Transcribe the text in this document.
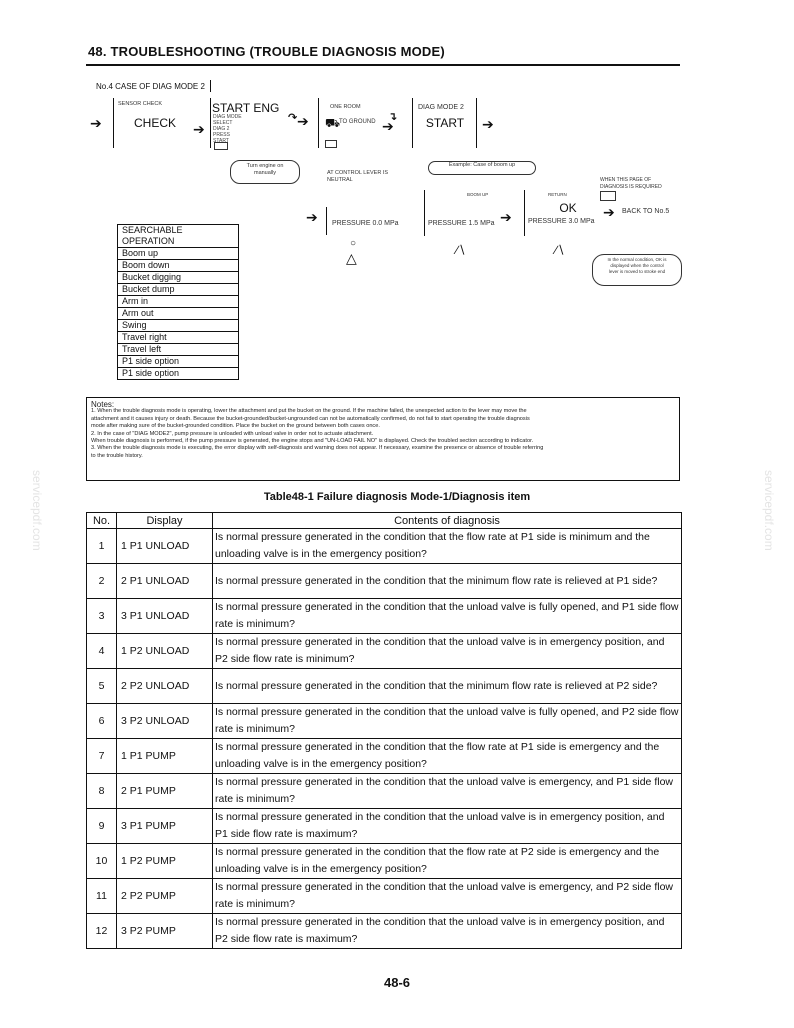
48. TROUBLESHOOTING (TROUBLE DIAGNOSIS MODE)
No.4 CASE OF DIAG MODE 2
➔
SENSOR CHECK
CHECK	➔
START ENG
DIAG MODE
SELECT
DIAG 2
PRESS
START
↷ ➔
ONE ROOM
⛟
TO GROUND ↴
➔
DIAG MODE 2
START	➔
Turn engine on
manually	AT CONTROL LEVER IS
NEUTRAL
Example: Case of boom up
BOOM UP	RETURN
OK
WHEN THIS PAGE OF
DIAGNOSIS IS REQUIRED
➔ BACK TO No.5
➔ PRESSURE 0.0 MPa	PRESSURE 1.5 MPa ➔ PRESSURE 3.0 MPa
○
△	∕∖	∕∖
In the normal condition, OK is
displayed when the control
lever is moved to stroke end
SEARCHABLE OPERATION
Boom up
Boom down
Bucket digging
Bucket dump
Arm in
Arm out
Swing
Travel right
Travel left
P1 side option
P1 side option
Notes:
1. When the trouble diagnosis mode is operating, lower the attachment and put the bucket on the ground. If the machine failed, the unexpected action to the lever may move the
attachment and it causes injury or death. Because the bucket-grounded/bucket-ungrounded can not be automatically confirmed, do not fail to start operating the trouble diagnosis
mode after making sure of the bucket-grounded condition. Place the bucket on the ground between both cases once.
2. In the case of "DIAG MODE2", pump pressure is unloaded with unload valve in order not to actuate attachment.
When trouble diagnosis is performed, if the pump pressure is generated, the engine stops and "UN-LOAD FAIL NO" is displayed. Check the troubled section according to indicator.
3. When the trouble diagnosis mode is executing, the error display with self-diagnosis and warning does not appear. If necessary, examine the presence or absence of trouble referring
to the trouble history.
servicepdf.com	servicepdf.com
Table48-1 Failure diagnosis Mode-1/Diagnosis item
No.	Display	Contents of diagnosis
1	1 P1 UNLOAD	Is normal pressure generated in the condition that the flow rate at P1 side is minimum and the unloading valve is in the emergency position?
2	2 P1 UNLOAD	Is normal pressure generated in the condition that the minimum flow rate is relieved at P1 side?
3	3 P1 UNLOAD	Is normal pressure generated in the condition that the unload valve is fully opened, and P1 side flow rate is minimum?
4	1 P2 UNLOAD	Is normal pressure generated in the condition that the unload valve is in emergency position, and P2 side flow rate is minimum?
5	2 P2 UNLOAD	Is normal pressure generated in the condition that the minimum flow rate is relieved at P2 side?
6	3 P2 UNLOAD	Is normal pressure generated in the condition that the unload valve is fully opened, and P2 side flow rate is minimum?
7	1 P1 PUMP	Is normal pressure generated in the condition that the flow rate at P1 side is emergency and the unloading valve is in the emergency position?
8	2 P1 PUMP	Is normal pressure generated in the condition that the unload valve is emergency, and P1 side flow rate is minimum?
9	3 P1 PUMP	Is normal pressure generated in the condition that the unload valve is in emergency position, and P1 side flow rate is maximum?
10	1 P2 PUMP	Is normal pressure generated in the condition that the flow rate at P2 side is emergency and the unloading valve is in the emergency position?
11	2 P2 PUMP	Is normal pressure generated in the condition that the unload valve is emergency, and P2 side flow rate is minimum?
12	3 P2 PUMP	Is normal pressure generated in the condition that the unload valve is in emergency position, and P2 side flow rate is maximum?
48-6
